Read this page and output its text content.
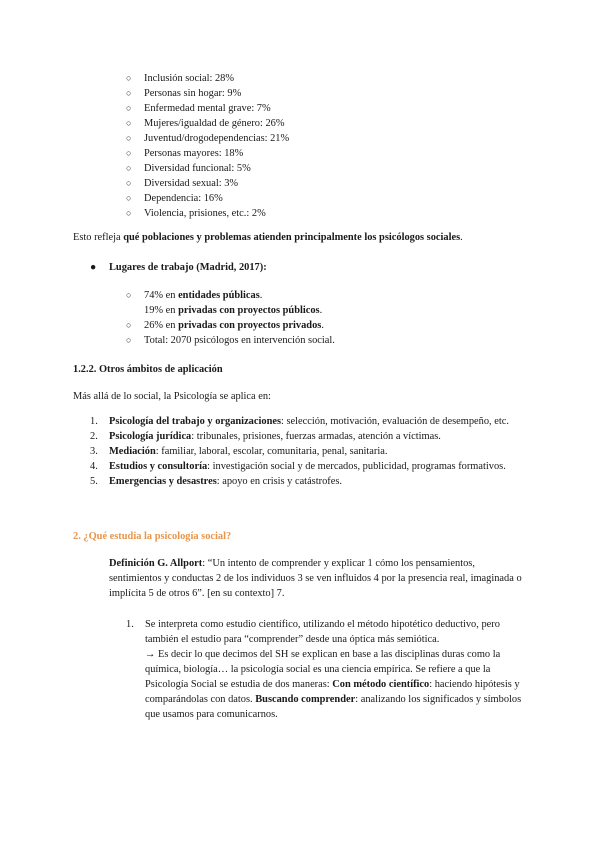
○ Inclusión social: 28%
○ Personas sin hogar: 9%
○ Enfermedad mental grave: 7%
○ Mujeres/igualdad de género: 26%
○ Juventud/drogodependencias: 21%
○ Personas mayores: 18%
○ Diversidad funcional: 5%
○ Diversidad sexual: 3%
○ Dependencia: 16%
○ Violencia, prisiones, etc.: 2%
Esto refleja qué poblaciones y problemas atienden principalmente los psicólogos sociales.
● Lugares de trabajo (Madrid, 2017):
○ 74% en entidades públicas.
19% en privadas con proyectos públicos.
○ 26% en privadas con proyectos privados.
○ Total: 2070 psicólogos en intervención social.
1.2.2. Otros ámbitos de aplicación
Más allá de lo social, la Psicología se aplica en:
1. Psicología del trabajo y organizaciones: selección, motivación, evaluación de desempeño, etc.
2. Psicología jurídica: tribunales, prisiones, fuerzas armadas, atención a víctimas.
3. Mediación: familiar, laboral, escolar, comunitaria, penal, sanitaria.
4. Estudios y consultoría: investigación social y de mercados, publicidad, programas formativos.
5. Emergencias y desastres: apoyo en crisis y catástrofes.
2. ¿Qué estudia la psicología social?
Definición G. Allport: “Un intento de comprender y explicar 1 cómo los pensamientos, sentimientos y conductas 2 de los individuos 3 se ven influidos 4 por la presencia real, imaginada o implícita 5 de otros 6”. [en su contexto] 7.
1. Se interpreta como estudio científico, utilizando el método hipotético deductivo, pero también el estudio para “comprender” desde una óptica más semiótica.
→ Es decir lo que decimos del SH se explican en base a las disciplinas duras como la química, biología… la psicología social es una ciencia empírica. Se refiere a que la Psicología Social se estudia de dos maneras: Con método científico: haciendo hipótesis y comparándolas con datos. Buscando comprender: analizando los significados y símbolos que usamos para comunicarnos.
